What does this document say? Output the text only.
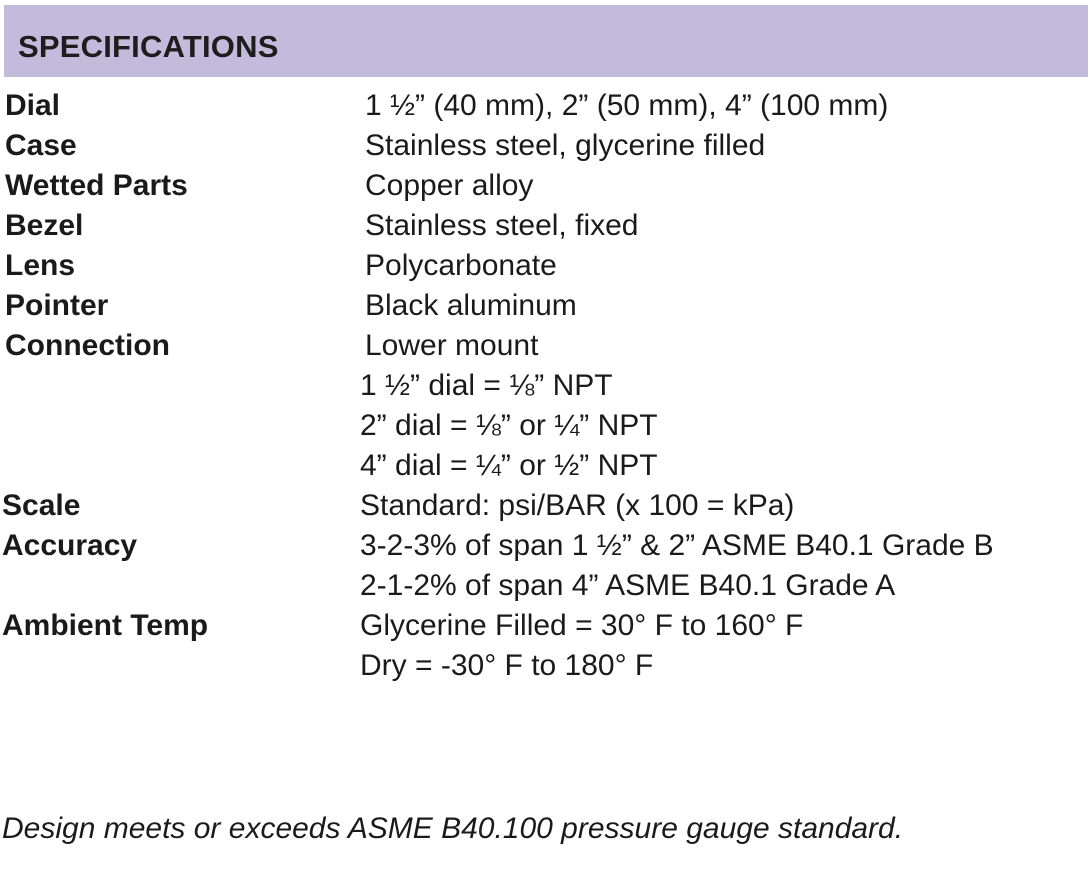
SPECIFICATIONS
Dial	1 ½” (40 mm), 2” (50 mm), 4” (100 mm)
Case	Stainless steel, glycerine filled
Wetted Parts	Copper alloy
Bezel	Stainless steel, fixed
Lens	Polycarbonate
Pointer	Black aluminum
Connection	Lower mount
1 ½” dial = ⅛” NPT
2” dial = ⅛” or ¼” NPT
4” dial = ¼” or ½” NPT
Scale	Standard: psi/BAR (x 100 = kPa)
Accuracy	3-2-3% of span 1 ½” & 2” ASME B40.1 Grade B
2-1-2% of span 4” ASME B40.1 Grade A
Ambient Temp	Glycerine Filled = 30° F to 160° F
Dry = -30° F to 180° F
Design meets or exceeds ASME B40.100 pressure gauge standard.
